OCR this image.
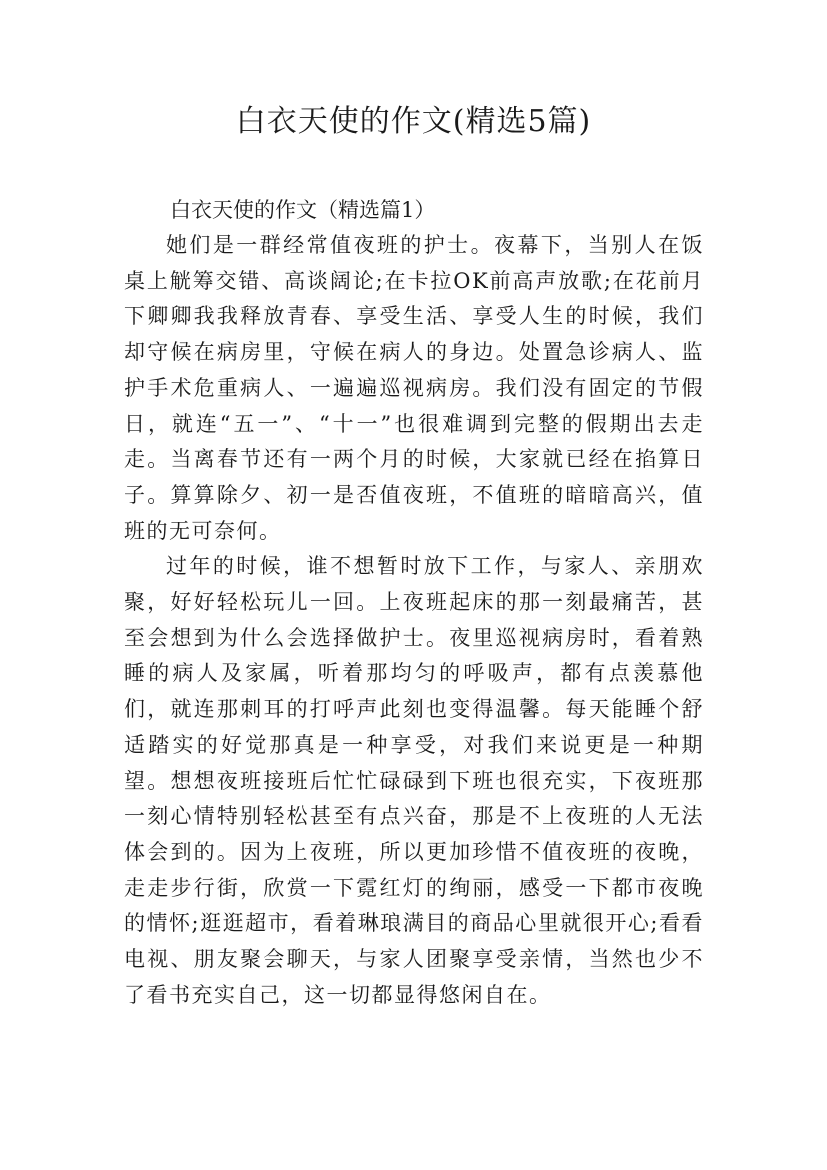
白衣天使的作文(精选5篇)

白衣天使的作文（精选篇1）

她们是一群经常值夜班的护士。夜幕下，当别人在饭桌上觥筹交错、高谈阔论;在卡拉OK前高声放歌;在花前月下卿卿我我释放青春、享受生活、享受人生的时候，我们却守候在病房里，守候在病人的身边。处置急诊病人、监护手术危重病人、一遍遍巡视病房。我们没有固定的节假日，就连“五一”、“十一”也很难调到完整的假期出去走走。当离春节还有一两个月的时候，大家就已经在掐算日子。算算除夕、初一是否值夜班，不值班的暗暗高兴，值班的无可奈何。

过年的时候，谁不想暂时放下工作，与家人、亲朋欢聚，好好轻松玩儿一回。上夜班起床的那一刻最痛苦，甚至会想到为什么会选择做护士。夜里巡视病房时，看着熟睡的病人及家属，听着那均匀的呼吸声，都有点羡慕他们，就连那刺耳的打呼声此刻也变得温馨。每天能睡个舒适踏实的好觉那真是一种享受，对我们来说更是一种期望。想想夜班接班后忙忙碌碌到下班也很充实，下夜班那一刻心情特别轻松甚至有点兴奋，那是不上夜班的人无法体会到的。因为上夜班，所以更加珍惜不值夜班的夜晚，走走步行街，欣赏一下霓红灯的绚丽，感受一下都市夜晚的情怀;逛逛超市，看着琳琅满目的商品心里就很开心;看看电视、朋友聚会聊天，与家人团聚享受亲情，当然也少不了看书充实自己，这一切都显得悠闲自在。
